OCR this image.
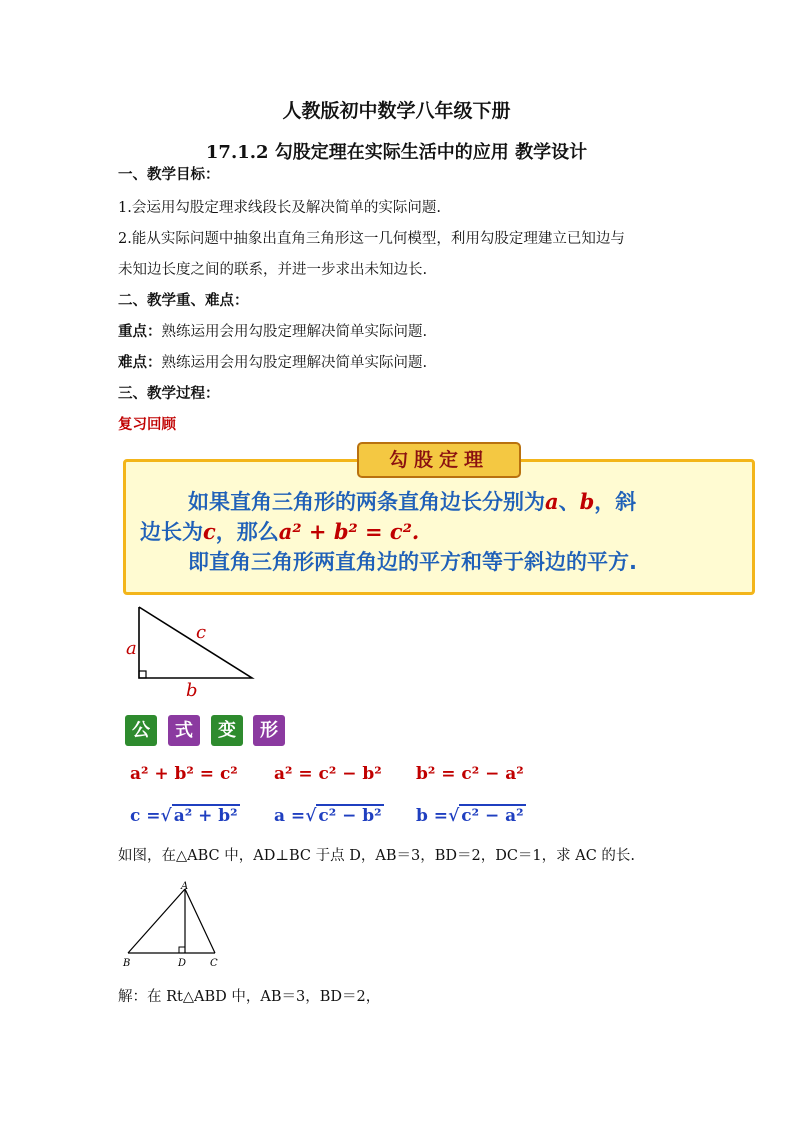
人教版初中数学八年级下册
17.1.2 勾股定理在实际生活中的应用 教学设计
一、教学目标：
1.会运用勾股定理求线段长及解决简单的实际问题.
2.能从实际问题中抽象出直角三角形这一几何模型，利用勾股定理建立已知边与
未知边长度之间的联系，并进一步求出未知边长.
二、教学重、难点：
重点：熟练运用会用勾股定理解决简单实际问题.
难点：熟练运用会用勾股定理解决简单实际问题.
三、教学过程：
复习回顾
勾股定理
如果直角三角形的两条直角边长分别为a、b，斜
边长为c，那么a² + b² = c².
即直角三角形两直角边的平方和等于斜边的平方.
a
c
b
公	式	变	形
a² + b² = c² a² = c² − b² b² = c² − a²
c =√ a² + b² a =√ c² − b² b =√ c² − a²
如图，在△ABC 中，AD⊥BC 于点 D，AB＝3，BD＝2，DC＝1，求 AC 的长.
A
B	D C
解：在 Rt△ABD 中，AB＝3，BD＝2，
